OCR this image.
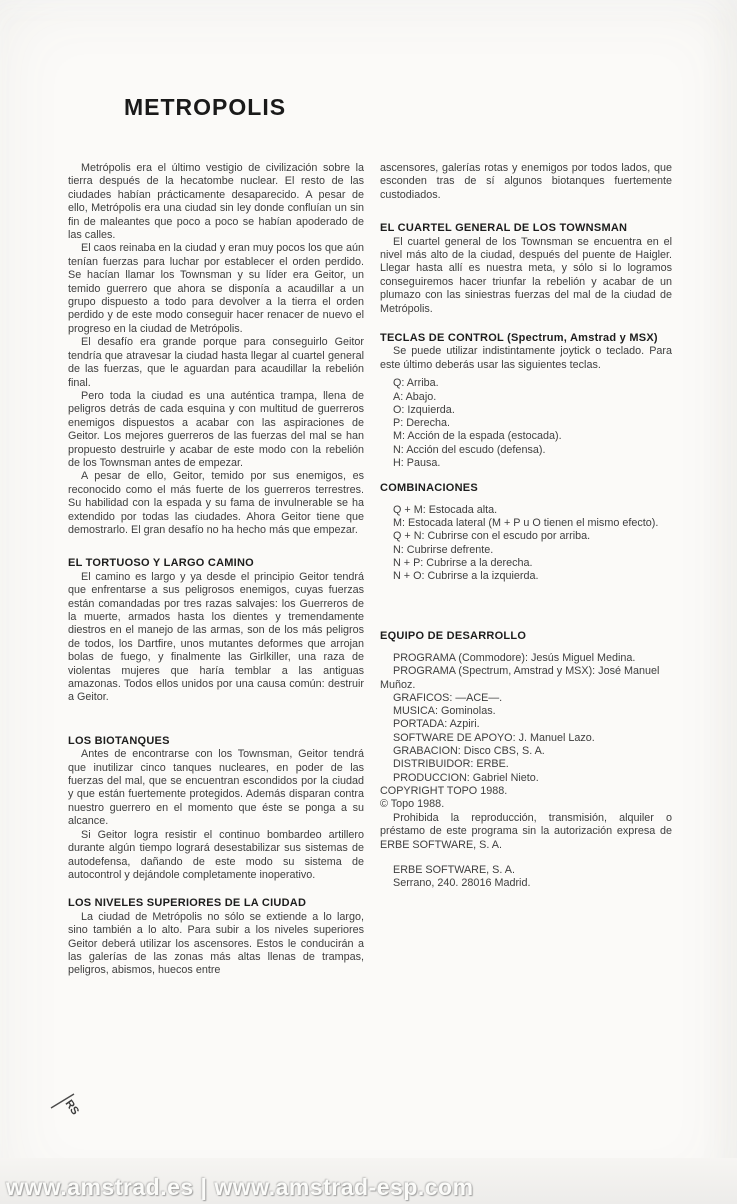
METROPOLIS

Metrópolis era el último vestigio de civilización sobre la tierra después de la hecatombe nuclear. El resto de las ciudades habían prácticamente desaparecido. A pesar de ello, Metrópolis era una ciudad sin ley donde confluían un sin fin de maleantes que poco a poco se habían apoderado de las calles.

El caos reinaba en la ciudad y eran muy pocos los que aún tenían fuerzas para luchar por establecer el orden perdido. Se hacían llamar los Townsman y su líder era Geitor, un temido guerrero que ahora se disponía a acaudillar a un grupo dispuesto a todo para devolver a la tierra el orden perdido y de este modo conseguir hacer renacer de nuevo el progreso en la ciudad de Metrópolis.

El desafío era grande porque para conseguirlo Geitor tendría que atravesar la ciudad hasta llegar al cuartel general de las fuerzas, que le aguardan para acaudillar la rebelión final.

Pero toda la ciudad es una auténtica trampa, llena de peligros detrás de cada esquina y con multitud de guerreros enemigos dispuestos a acabar con las aspiraciones de Geitor. Los mejores guerreros de las fuerzas del mal se han propuesto destruirle y acabar de este modo con la rebelión de los Townsman antes de empezar.

A pesar de ello, Geitor, temido por sus enemigos, es reconocido como el más fuerte de los guerreros terrestres. Su habilidad con la espada y su fama de invulnerable se ha extendido por todas las ciudades. Ahora Geitor tiene que demostrarlo. El gran desafío no ha hecho más que empezar.

EL TORTUOSO Y LARGO CAMINO

El camino es largo y ya desde el principio Geitor tendrá que enfrentarse a sus peligrosos enemigos, cuyas fuerzas están comandadas por tres razas salvajes: los Guerreros de la muerte, armados hasta los dientes y tremendamente diestros en el manejo de las armas, son de los más peligros de todos, los Dartfire, unos mutantes deformes que arrojan bolas de fuego, y finalmente las Girlkiller, una raza de violentas mujeres que haría temblar a las antiguas amazonas. Todos ellos unidos por una causa común: destruir a Geitor.

LOS BIOTANQUES

Antes de encontrarse con los Townsman, Geitor tendrá que inutilizar cinco tanques nucleares, en poder de las fuerzas del mal, que se encuentran escondidos por la ciudad y que están fuertemente protegidos. Además disparan contra nuestro guerrero en el momento que éste se ponga a su alcance.

Si Geitor logra resistir el continuo bombardeo artillero durante algún tiempo logrará desestabilizar sus sistemas de autodefensa, dañando de este modo su sistema de autocontrol y dejándole completamente inoperativo.

LOS NIVELES SUPERIORES DE LA CIUDAD

La ciudad de Metrópolis no sólo se extiende a lo largo, sino también a lo alto. Para subir a los niveles superiores Geitor deberá utilizar los ascensores. Estos le conducirán a las galerías de las zonas más altas llenas de trampas, peligros, abismos, huecos entre

ascensores, galerías rotas y enemigos por todos lados, que esconden tras de sí algunos biotanques fuertemente custodiados.

EL CUARTEL GENERAL DE LOS TOWNSMAN

El cuartel general de los Townsman se encuentra en el nivel más alto de la ciudad, después del puente de Haigler. Llegar hasta allí es nuestra meta, y sólo si lo logramos conseguiremos hacer triunfar la rebelión y acabar de un plumazo con las siniestras fuerzas del mal de la ciudad de Metrópolis.

TECLAS DE CONTROL (Spectrum, Amstrad y MSX)

Se puede utilizar indistintamente joytick o teclado. Para este último deberás usar las siguientes teclas.

Q: Arriba.
A: Abajo.
O: Izquierda.
P: Derecha.
M: Acción de la espada (estocada).
N: Acción del escudo (defensa).
H: Pausa.
COMBINACIONES
Q + M: Estocada alta.
M: Estocada lateral (M + P u O tienen el mismo efecto).
Q + N: Cubrirse con el escudo por arriba.
N: Cubrirse defrente.
N + P: Cubrirse a la derecha.
N + O: Cubrirse a la izquierda.
EQUIPO DE DESARROLLO

PROGRAMA (Commodore): Jesús Miguel Medina.

PROGRAMA (Spectrum, Amstrad y MSX): José Manuel Muñoz.

GRAFICOS: —ACE—.

MUSICA: Gominolas.

PORTADA: Azpiri.

SOFTWARE DE APOYO: J. Manuel Lazo.

GRABACION: Disco CBS, S. A.

DISTRIBUIDOR: ERBE.

PRODUCCION: Gabriel Nieto.

COPYRIGHT TOPO 1988.

© Topo 1988.

Prohibida la reproducción, transmisión, alquiler o préstamo de este programa sin la autorización expresa de ERBE SOFTWARE, S. A.

ERBE SOFTWARE, S. A.
Serrano, 240. 28016 Madrid.
RS
www.amstrad.es | www.amstrad-esp.com
